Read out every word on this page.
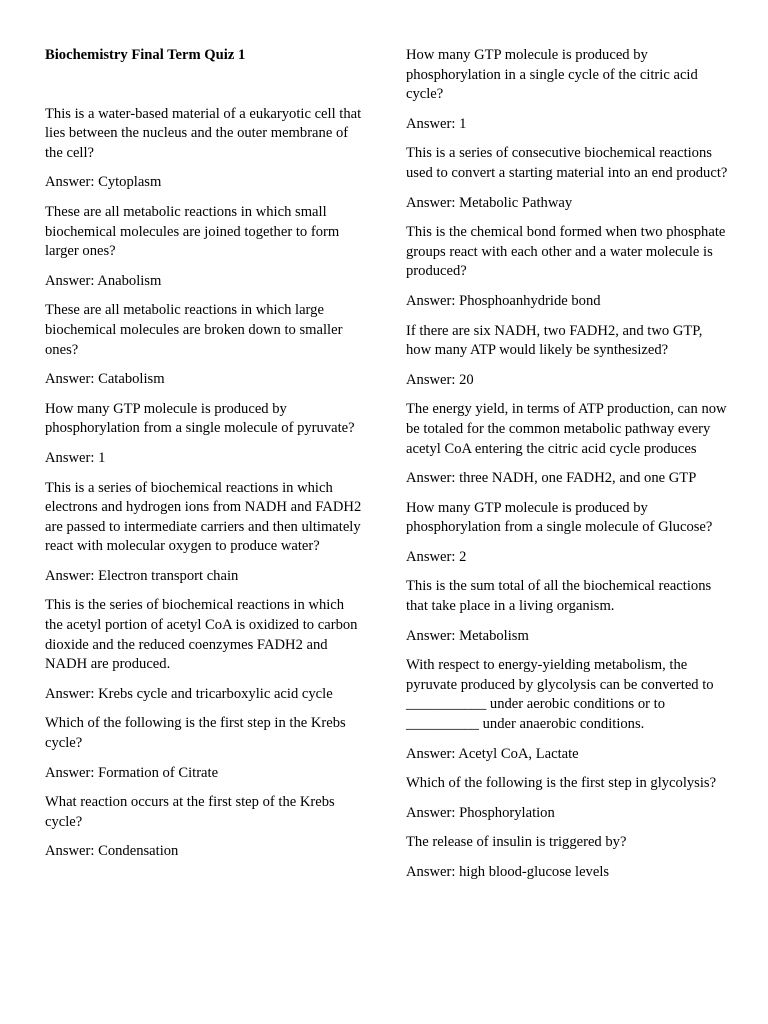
Biochemistry Final Term Quiz 1

This is a water-based material of a eukaryotic cell that lies between the nucleus and the outer membrane of the cell?

Answer: Cytoplasm

These are all metabolic reactions in which small biochemical molecules are joined together to form larger ones?

Answer: Anabolism

These are all metabolic reactions in which large biochemical molecules are broken down to smaller ones?

Answer: Catabolism

How many GTP molecule is produced by phosphorylation from a single molecule of pyruvate?

Answer: 1

This is a series of biochemical reactions in which electrons and hydrogen ions from NADH and FADH2 are passed to intermediate carriers and then ultimately react with molecular oxygen to produce water?

Answer: Electron transport chain

This is the series of biochemical reactions in which the acetyl portion of acetyl CoA is oxidized to carbon dioxide and the reduced coenzymes FADH2 and NADH are produced.

Answer: Krebs cycle and tricarboxylic acid cycle

Which of the following is the first step in the Krebs cycle?

Answer: Formation of Citrate

What reaction occurs at the first step of the Krebs cycle?

Answer: Condensation

How many GTP molecule is produced by phosphorylation in a single cycle of the citric acid cycle?

Answer: 1

This is a series of consecutive biochemical reactions used to convert a starting material into an end product?

Answer: Metabolic Pathway

This is the chemical bond formed when two phosphate groups react with each other and a water molecule is produced?

Answer: Phosphoanhydride bond

If there are six NADH, two FADH2, and two GTP, how many ATP would likely be synthesized?

Answer: 20

The energy yield, in terms of ATP production, can now be totaled for the common metabolic pathway every acetyl CoA entering the citric acid cycle produces

Answer: three NADH, one FADH2, and one GTP

How many GTP molecule is produced by phosphorylation from a single molecule of Glucose?

Answer: 2

This is the sum total of all the biochemical reactions that take place in a living organism.

Answer: Metabolism

With respect to energy-yielding metabolism, the pyruvate produced by glycolysis can be converted to ___________ under aerobic conditions or to __________ under anaerobic conditions.

Answer: Acetyl CoA, Lactate

Which of the following is the first step in glycolysis?

Answer: Phosphorylation

The release of insulin is triggered by?

Answer: high blood-glucose levels
